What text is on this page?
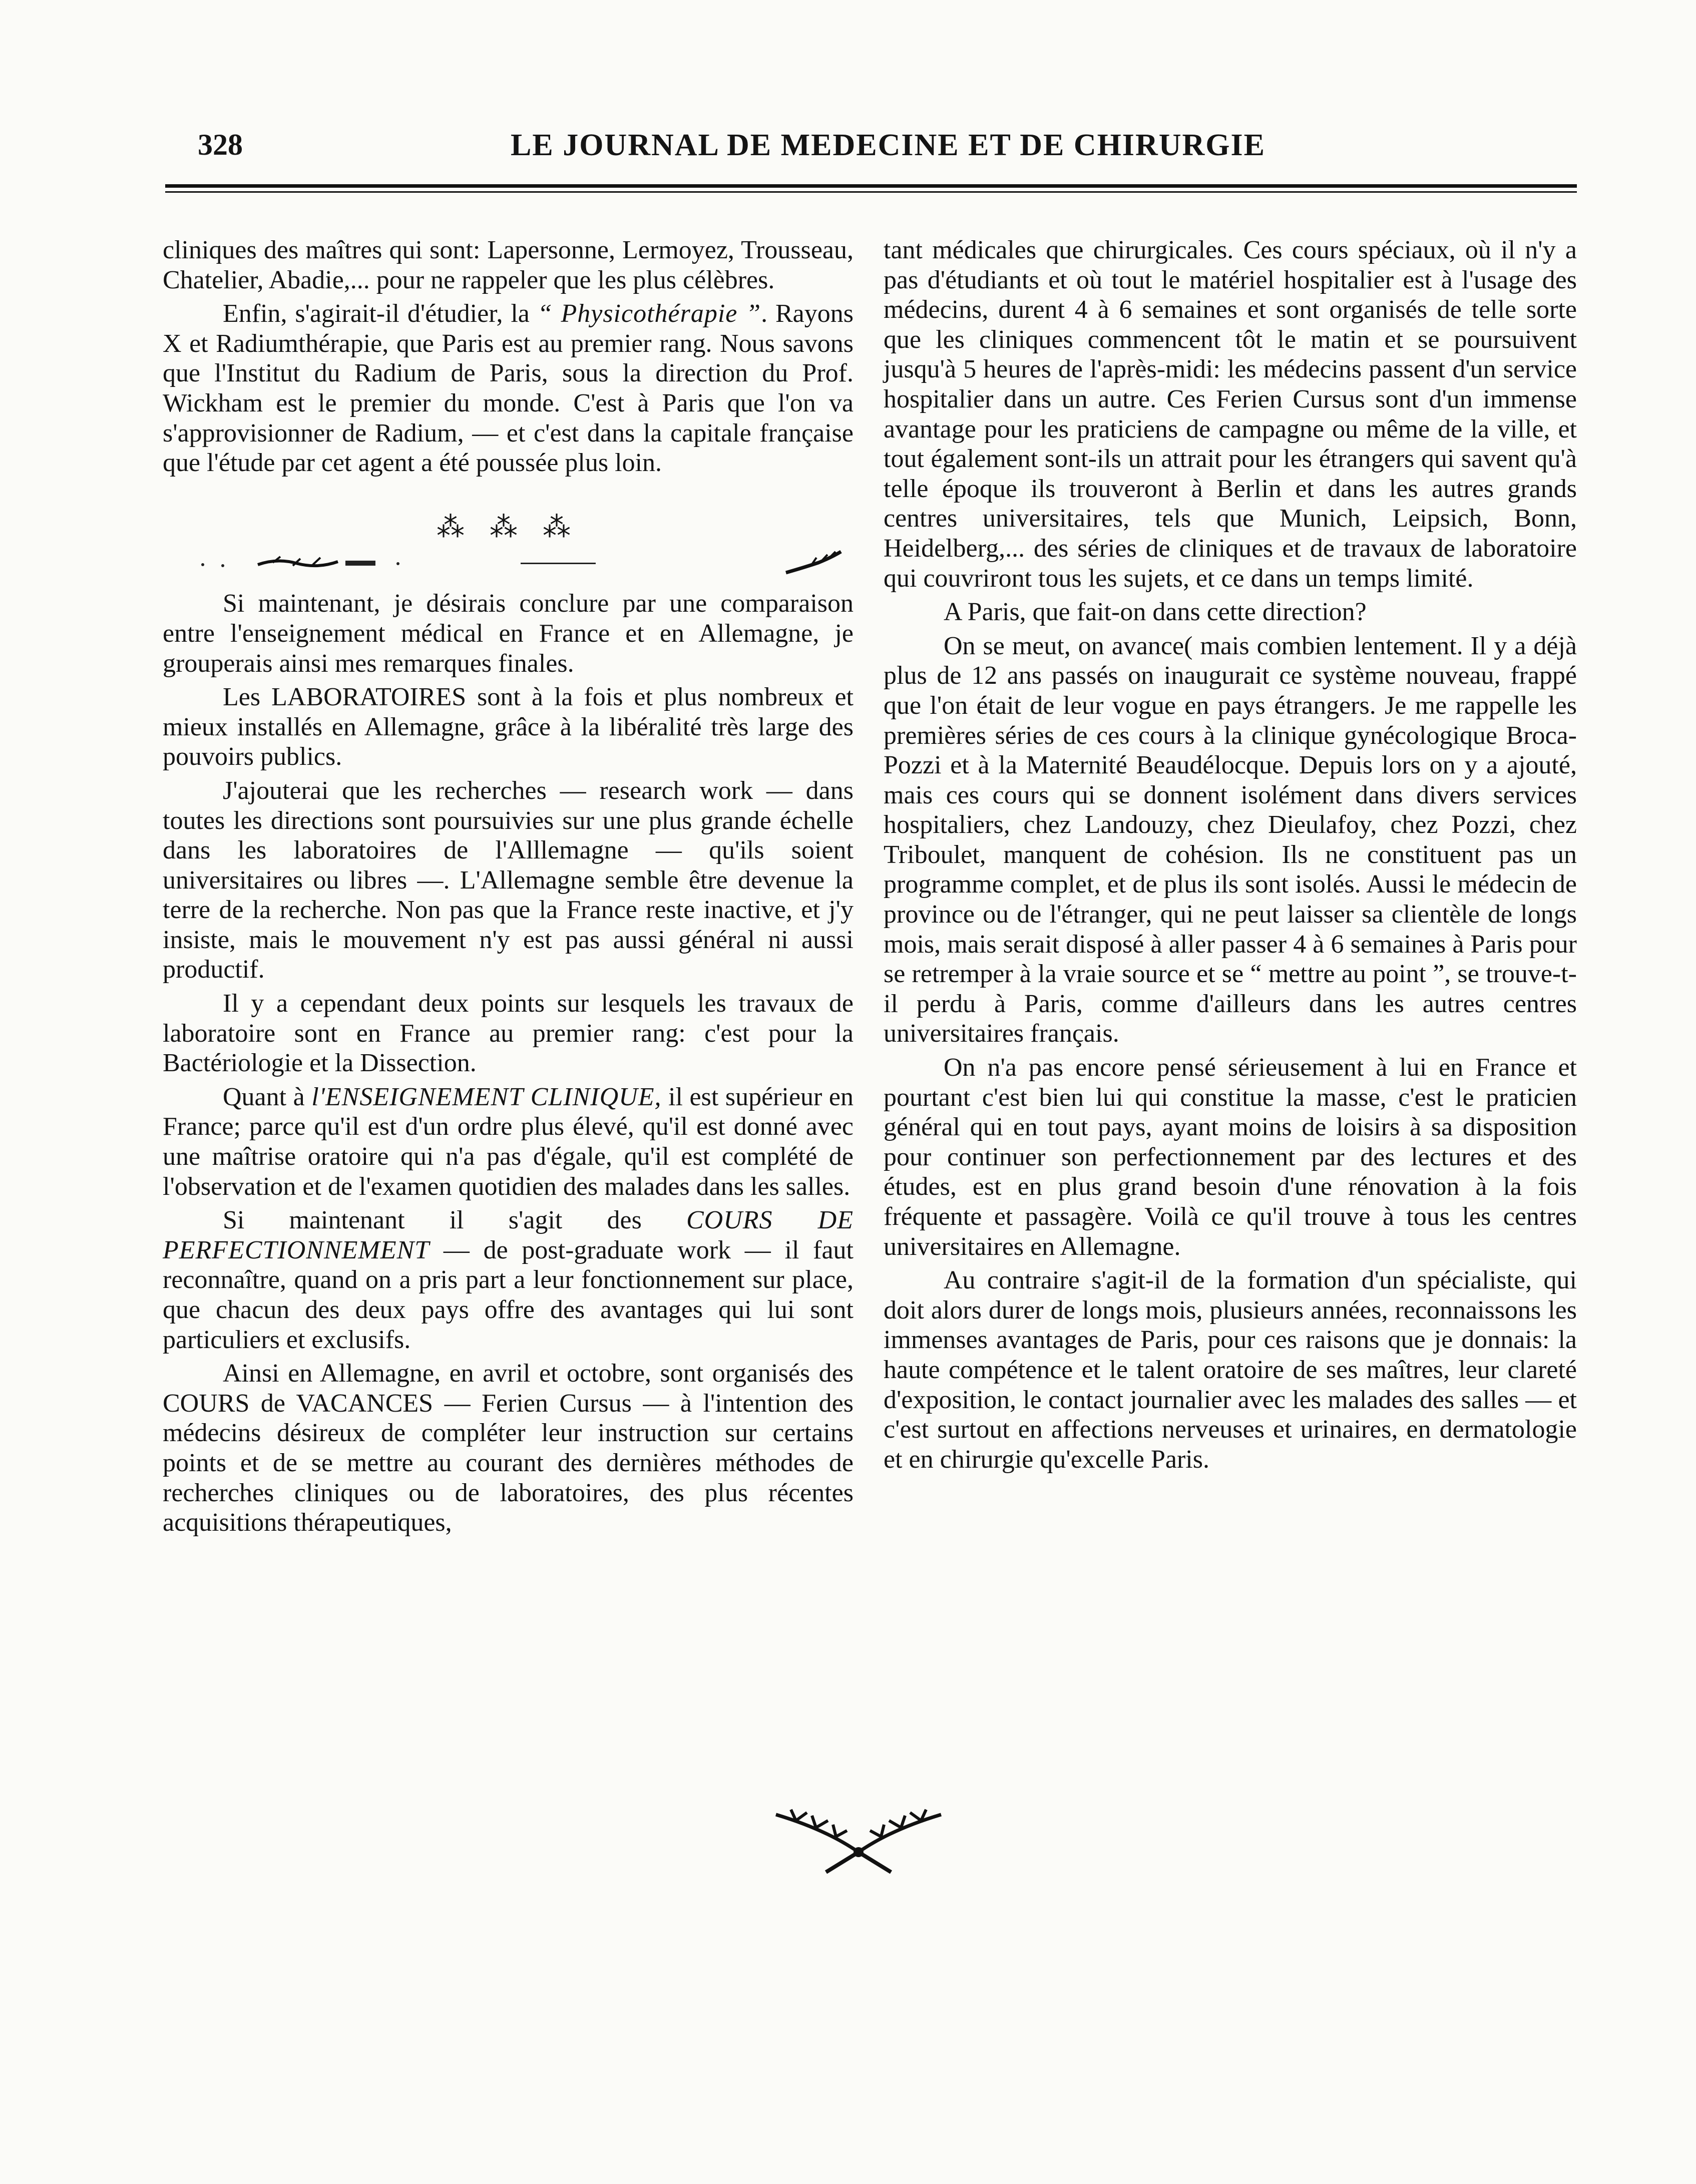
328	LE JOURNAL DE MEDECINE ET DE CHIRURGIE

cliniques des maîtres qui sont: Lapersonne, Lermoyez, Trousseau, Chatelier, Abadie,... pour ne rappeler que les plus célèbres.

Enfin, s'agirait-il d'étudier, la “ Physicothérapie ”. Rayons X et Radiumthérapie, que Paris est au premier rang. Nous savons que l'Institut du Radium de Paris, sous la direction du Prof. Wickham est le premier du monde. C'est à Paris que l'on va s'approvisionner de Radium, — et c'est dans la capitale française que l'étude par cet agent a été poussée plus loin.

⁂ ⁂ ⁂

Si maintenant, je désirais conclure par une comparaison entre l'enseignement médical en France et en Allemagne, je grouperais ainsi mes remarques finales.

Les LABORATOIRES sont à la fois et plus nombreux et mieux installés en Allemagne, grâce à la libéralité très large des pouvoirs publics.

J'ajouterai que les recherches — research work — dans toutes les directions sont poursuivies sur une plus grande échelle dans les laboratoires de l'Alllemagne — qu'ils soient universitaires ou libres —. L'Allemagne semble être devenue la terre de la recherche. Non pas que la France reste inactive, et j'y insiste, mais le mouvement n'y est pas aussi général ni aussi productif.

Il y a cependant deux points sur lesquels les travaux de laboratoire sont en France au premier rang: c'est pour la Bactériologie et la Dissection.

Quant à l'ENSEIGNEMENT CLINIQUE, il est supérieur en France; parce qu'il est d'un ordre plus élevé, qu'il est donné avec une maîtrise oratoire qui n'a pas d'égale, qu'il est complété de l'observation et de l'examen quotidien des malades dans les salles.

Si maintenant il s'agit des COURS DE PERFECTIONNEMENT — de post-graduate work — il faut reconnaître, quand on a pris part a leur fonctionnement sur place, que chacun des deux pays offre des avantages qui lui sont particuliers et exclusifs.

Ainsi en Allemagne, en avril et octobre, sont organisés des COURS de VACANCES — Ferien Cursus — à l'intention des médecins désireux de compléter leur instruction sur certains points et de se mettre au courant des dernières méthodes de recherches cliniques ou de laboratoires, des plus récentes acquisitions thérapeutiques,

tant médicales que chirurgicales. Ces cours spéciaux, où il n'y a pas d'étudiants et où tout le matériel hospitalier est à l'usage des médecins, durent 4 à 6 semaines et sont organisés de telle sorte que les cliniques commencent tôt le matin et se poursuivent jusqu'à 5 heures de l'après-midi: les médecins passent d'un service hospitalier dans un autre. Ces Ferien Cursus sont d'un immense avantage pour les praticiens de campagne ou même de la ville, et tout également sont-ils un attrait pour les étrangers qui savent qu'à telle époque ils trouveront à Berlin et dans les autres grands centres universitaires, tels que Munich, Leipsich, Bonn, Heidelberg,... des séries de cliniques et de travaux de laboratoire qui couvriront tous les sujets, et ce dans un temps limité.

A Paris, que fait-on dans cette direction?

On se meut, on avance( mais combien lentement. Il y a déjà plus de 12 ans passés on inaugurait ce système nouveau, frappé que l'on était de leur vogue en pays étrangers. Je me rappelle les premières séries de ces cours à la clinique gynécologique Broca-Pozzi et à la Maternité Beaudélocque. Depuis lors on y a ajouté, mais ces cours qui se donnent isolément dans divers services hospitaliers, chez Landouzy, chez Dieulafoy, chez Pozzi, chez Triboulet, manquent de cohésion. Ils ne constituent pas un programme complet, et de plus ils sont isolés. Aussi le médecin de province ou de l'étranger, qui ne peut laisser sa clientèle de longs mois, mais serait disposé à aller passer 4 à 6 semaines à Paris pour se retremper à la vraie source et se “ mettre au point ”, se trouve-t-il perdu à Paris, comme d'ailleurs dans les autres centres universitaires français.

On n'a pas encore pensé sérieusement à lui en France et pourtant c'est bien lui qui constitue la masse, c'est le praticien général qui en tout pays, ayant moins de loisirs à sa disposition pour continuer son perfectionnement par des lectures et des études, est en plus grand besoin d'une rénovation à la fois fréquente et passagère. Voilà ce qu'il trouve à tous les centres universitaires en Allemagne.

Au contraire s'agit-il de la formation d'un spécialiste, qui doit alors durer de longs mois, plusieurs années, reconnaissons les immenses avantages de Paris, pour ces raisons que je donnais: la haute compétence et le talent oratoire de ses maîtres, leur clareté d'exposition, le contact journalier avec les malades des salles — et c'est surtout en affections nerveuses et urinaires, en dermatologie et en chirurgie qu'excelle Paris.
